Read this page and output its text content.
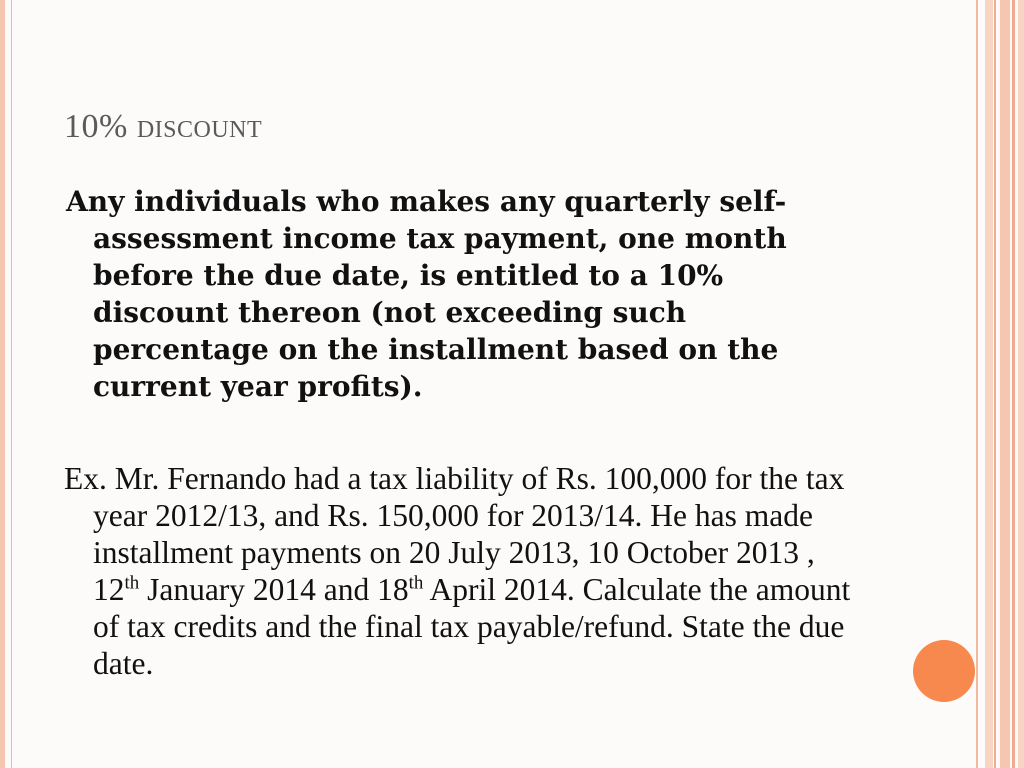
10% discount

Any individuals who makes any quarterly self-assessment income tax payment, one month before the due date, is entitled to a 10% discount thereon (not exceeding such percentage on the installment based on the current year profits).

Ex. Mr. Fernando had a tax liability of Rs. 100,000 for the tax year 2012/13, and Rs. 150,000 for 2013/14. He has made installment payments on 20 July 2013, 10 October 2013 , 12th January 2014 and 18th April 2014. Calculate the amount of tax credits and the final tax payable/refund. State the due date.
